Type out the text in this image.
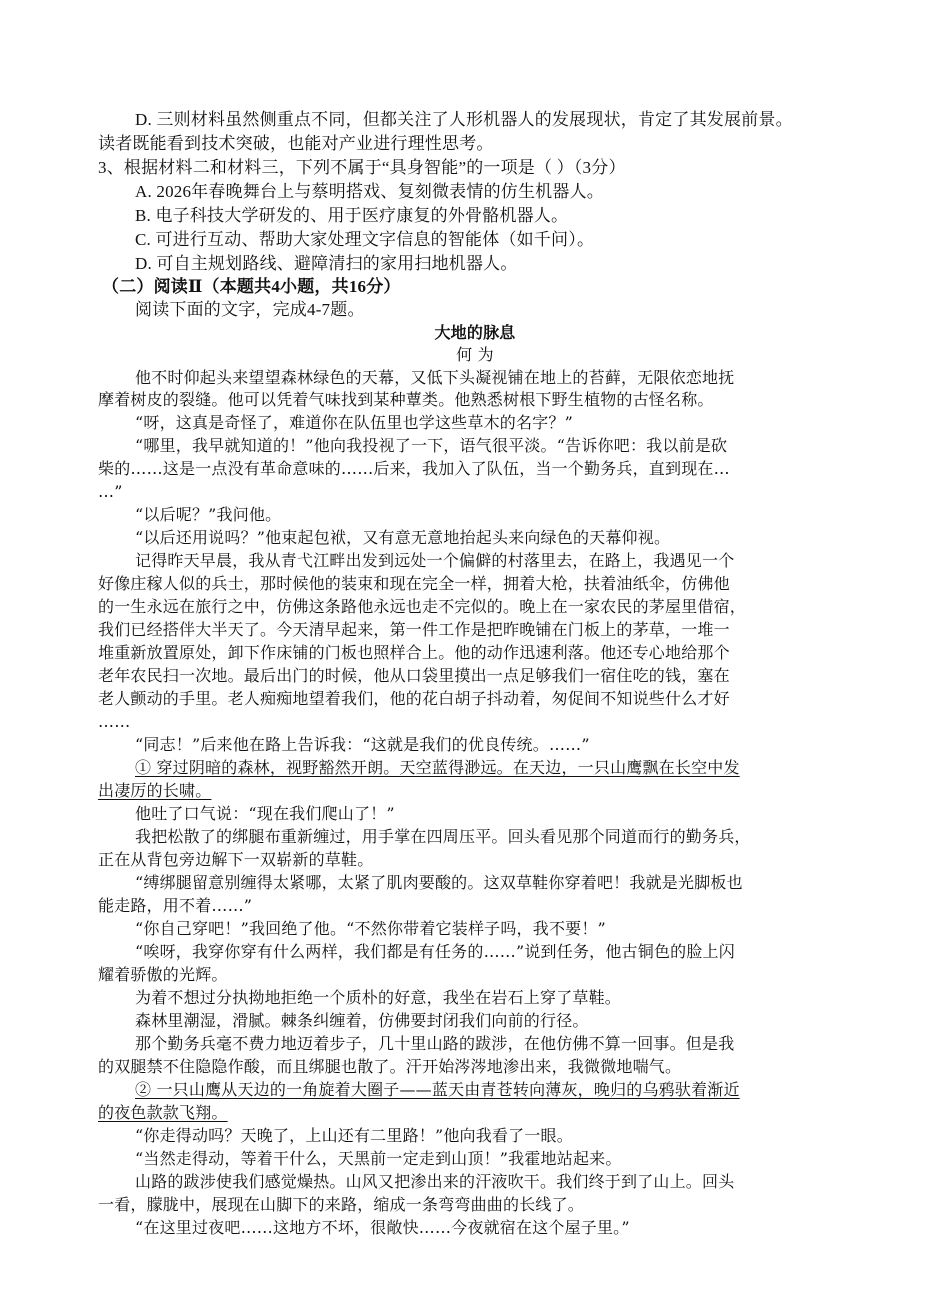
D. 三则材料虽然侧重点不同，但都关注了人形机器人的发展现状，肯定了其发展前景。
读者既能看到技术突破，也能对产业进行理性思考。
3、根据材料二和材料三，下列不属于“具身智能”的一项是（ ）（3分）
A. 2026年春晚舞台上与蔡明搭戏、复刻微表情的仿生机器人。
B. 电子科技大学研发的、用于医疗康复的外骨骼机器人。
C. 可进行互动、帮助大家处理文字信息的智能体（如千问）。
D. 可自主规划路线、避障清扫的家用扫地机器人。
（二）阅读Ⅱ（本题共4小题，共16分）
阅读下面的文字，完成4-7题。
大地的脉息
何 为
他不时仰起头来望望森林绿色的天幕，又低下头凝视铺在地上的苔藓，无限依恋地抚
摩着树皮的裂缝。他可以凭着气味找到某种蕈类。他熟悉树根下野生植物的古怪名称。
“呀，这真是奇怪了，难道你在队伍里也学这些草木的名字？”
“哪里，我早就知道的！”他向我投视了一下，语气很平淡。“告诉你吧：我以前是砍
柴的……这是一点没有革命意味的……后来，我加入了队伍，当一个勤务兵，直到现在…
…”
“以后呢？”我问他。
“以后还用说吗？”他束起包袱，又有意无意地抬起头来向绿色的天幕仰视。
记得昨天早晨，我从青弋江畔出发到远处一个偏僻的村落里去，在路上，我遇见一个
好像庄稼人似的兵士，那时候他的装束和现在完全一样，拥着大枪，扶着油纸伞，仿佛他
的一生永远在旅行之中，仿佛这条路他永远也走不完似的。晚上在一家农民的茅屋里借宿，
我们已经搭伴大半天了。今天清早起来，第一件工作是把昨晚铺在门板上的茅草，一堆一
堆重新放置原处，卸下作床铺的门板也照样合上。他的动作迅速利落。他还专心地给那个
老年农民扫一次地。最后出门的时候，他从口袋里摸出一点足够我们一宿住吃的钱，塞在
老人颤动的手里。老人痴痴地望着我们，他的花白胡子抖动着，匆促间不知说些什么才好
……
“同志！”后来他在路上告诉我：“这就是我们的优良传统。……”
① 穿过阴暗的森林，视野豁然开朗。天空蓝得渺远。在天边，一只山鹰飘在长空中发
出凄厉的长啸。
他吐了口气说：“现在我们爬山了！”
我把松散了的绑腿布重新缠过，用手掌在四周压平。回头看见那个同道而行的勤务兵，
正在从背包旁边解下一双崭新的草鞋。
“缚绑腿留意别缠得太紧哪，太紧了肌肉要酸的。这双草鞋你穿着吧！我就是光脚板也
能走路，用不着……”
“你自己穿吧！”我回绝了他。“不然你带着它装样子吗，我不要！”
“唉呀，我穿你穿有什么两样，我们都是有任务的……”说到任务，他古铜色的脸上闪
耀着骄傲的光辉。
为着不想过分执拗地拒绝一个质朴的好意，我坐在岩石上穿了草鞋。
森林里潮湿，滑腻。棘条纠缠着，仿佛要封闭我们向前的行径。
那个勤务兵毫不费力地迈着步子，几十里山路的跋涉，在他仿佛不算一回事。但是我
的双腿禁不住隐隐作酸，而且绑腿也散了。汗开始涔涔地渗出来，我微微地喘气。
② 一只山鹰从天边的一角旋着大圈子——蓝天由青苍转向薄灰，晚归的乌鸦驮着渐近
的夜色款款飞翔。
“你走得动吗？天晚了，上山还有二里路！”他向我看了一眼。
“当然走得动，等着干什么，天黑前一定走到山顶！”我霍地站起来。
山路的跋涉使我们感觉燥热。山风又把渗出来的汗液吹干。我们终于到了山上。回头
一看，朦胧中，展现在山脚下的来路，缩成一条弯弯曲曲的长线了。
“在这里过夜吧……这地方不坏，很敞快……今夜就宿在这个屋子里。”
